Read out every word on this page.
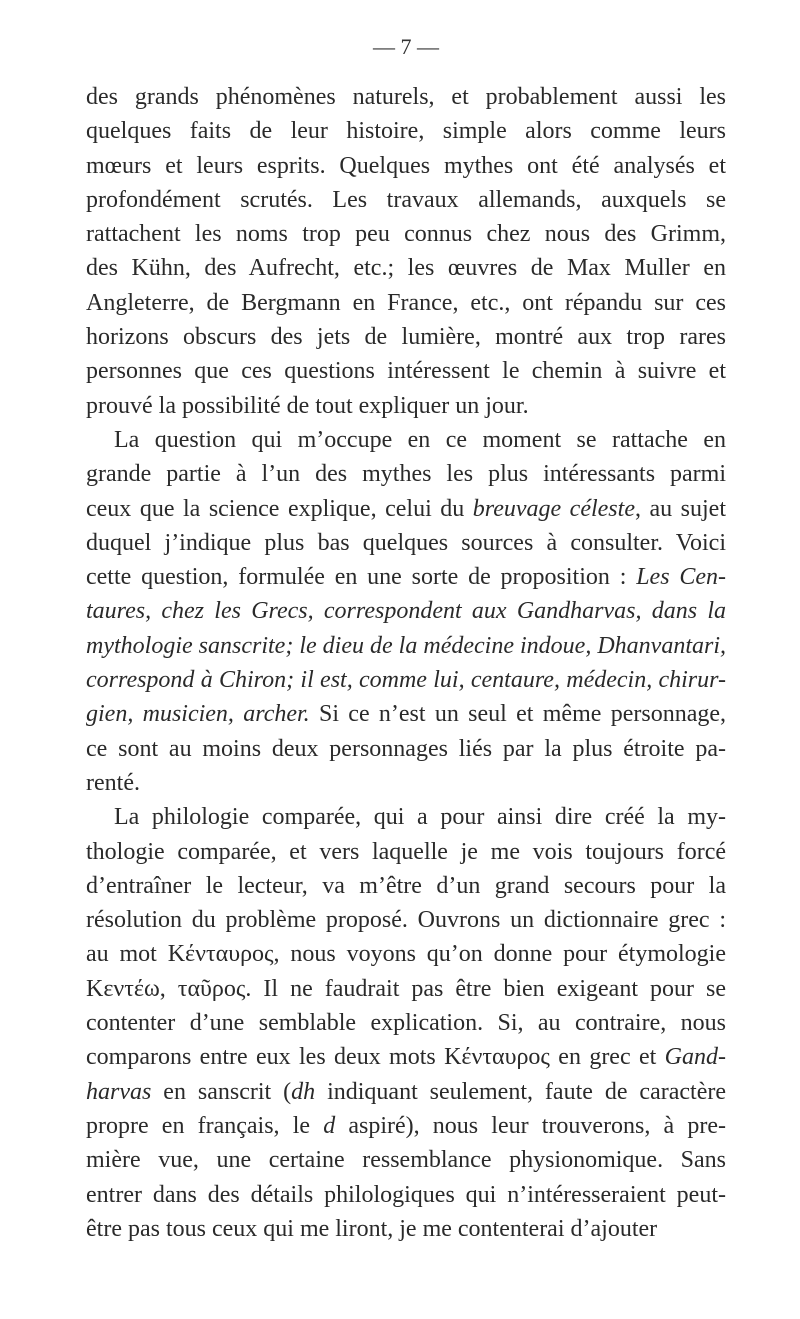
— 7 —
des grands phénomènes naturels, et probablement aussi les
quelques faits de leur histoire, simple alors comme leurs
mœurs et leurs esprits. Quelques mythes ont été analysés et
profondément scrutés. Les travaux allemands, auxquels se
rattachent les noms trop peu connus chez nous des Grimm,
des Kühn, des Aufrecht, etc.; les œuvres de Max Muller en
Angleterre, de Bergmann en France, etc., ont répandu sur ces
horizons obscurs des jets de lumière, montré aux trop rares
personnes que ces questions intéressent le chemin à suivre et
prouvé la possibilité de tout expliquer un jour.
La question qui m’occupe en ce moment se rattache en
grande partie à l’un des mythes les plus intéressants parmi
ceux que la science explique, celui du breuvage céleste, au sujet
duquel j’indique plus bas quelques sources à consulter. Voici
cette question, formulée en une sorte de proposition : Les Cen-
taures, chez les Grecs, correspondent aux Gandharvas, dans la
mythologie sanscrite; le dieu de la médecine indoue, Dhanvantari,
correspond à Chiron; il est, comme lui, centaure, médecin, chirur-
gien, musicien, archer. Si ce n’est un seul et même personnage,
ce sont au moins deux personnages liés par la plus étroite pa-
renté.
La philologie comparée, qui a pour ainsi dire créé la my-
thologie comparée, et vers laquelle je me vois toujours forcé
d’entraîner le lecteur, va m’être d’un grand secours pour la
résolution du problème proposé. Ouvrons un dictionnaire grec :
au mot Κένταυρος, nous voyons qu’on donne pour étymologie
Κεντέω, ταῦρος. Il ne faudrait pas être bien exigeant pour se
contenter d’une semblable explication. Si, au contraire, nous
comparons entre eux les deux mots Κένταυρος en grec et Gand-
harvas en sanscrit (dh indiquant seulement, faute de caractère
propre en français, le d aspiré), nous leur trouverons, à pre-
mière vue, une certaine ressemblance physionomique. Sans
entrer dans des détails philologiques qui n’intéresseraient peut-
être pas tous ceux qui me liront, je me contenterai d’ajouter
